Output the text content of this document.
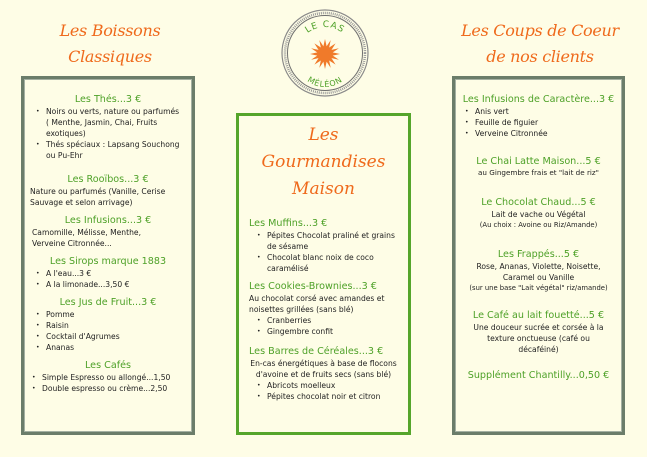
Les Boissons
Classiques
LE CAS
MÉLÉON
Les Coups de Coeur
de nos clients
Les Thés...3 €
• Noirs ou verts, nature ou parfumés ( Menthe, Jasmin, Chai, Fruits exotiques)
• Thés spéciaux : Lapsang Souchong ou Pu-Ehr
Les Rooïbos...3 €
Nature ou parfumés (Vanille, Cerise Sauvage et selon arrivage)
Les Infusions...3 €
Camomille, Mélisse, Menthe, Verveine Citronnée...
Les Sirops marque 1883
• A l'eau...3 €
• A la limonade...3,50 €
Les Jus de Fruit...3 €
• Pomme
• Raisin
• Cocktail d'Agrumes
• Ananas
Les Cafés
• Simple Espresso ou allongé...1,50
• Double espresso ou crème...2,50
Les Gourmandises
Maison
Les Muffins...3 €
• Pépites Chocolat praliné et grains de sésame
• Chocolat blanc noix de coco caramélisé
Les Cookies-Brownies...3 €
Au chocolat corsé avec amandes et noisettes grillées (sans blé)
• Cranberries
• Gingembre confit
Les Barres de Céréales...3 €
En-cas énergétiques à base de flocons d'avoine et de fruits secs (sans blé)
• Abricots moelleux
• Pépites chocolat noir et citron
Les Infusions de Caractère...3 €
• Anis vert
• Feuille de figuier
• Verveine Citronnée
Le Chai Latte Maison...5 €
au Gingembre frais et "lait de riz"
Le Chocolat Chaud...5 €
Lait de vache ou Végétal
(Au choix : Avoine ou Riz/Amande)
Les Frappés...5 €
Rose, Ananas, Violette, Noisette, Caramel ou Vanille
(sur une base "Lait végétal" riz/amande)
Le Café au lait fouetté...5 €
Une douceur sucrée et corsée à la texture onctueuse (café ou décaféiné)
Supplément Chantilly...0,50 €
